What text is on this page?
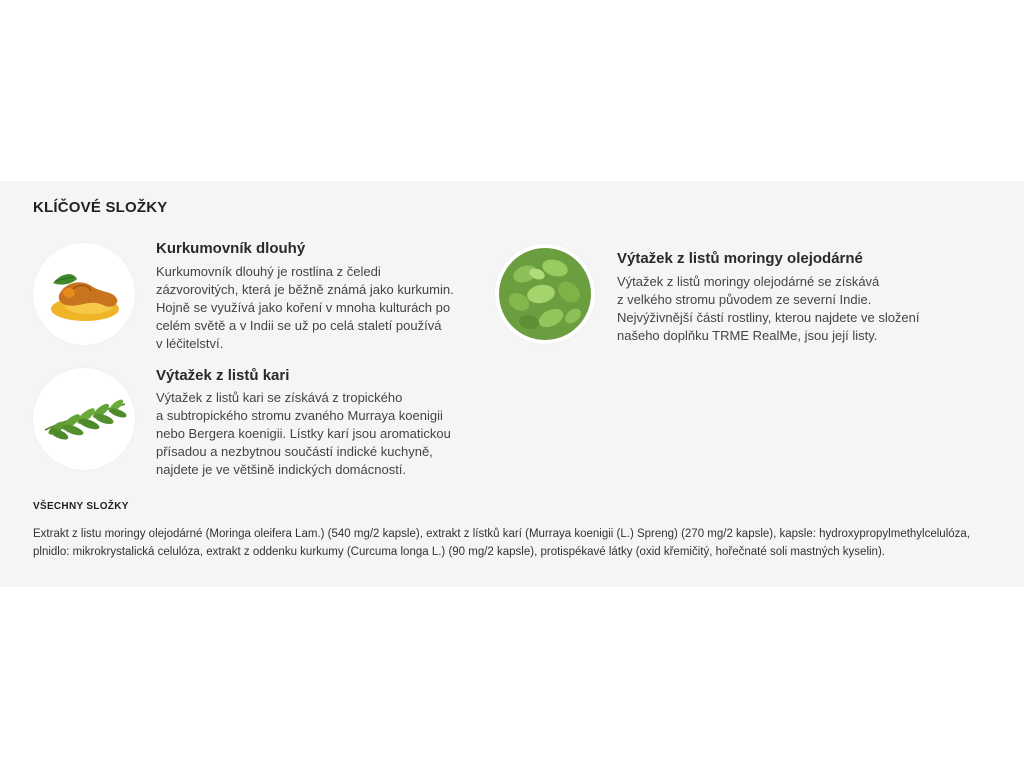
KLÍČOVÉ SLOŽKY
Kurkumovník dlouhý
Kurkumovník dlouhý je rostlina z čeledi
zázvorovitých, která je běžně známá jako kurkumin.
Hojně se využívá jako koření v mnoha kulturách po
celém světě a v Indii se už po celá staletí používá
v léčitelství.
Výtažek z listů kari
Výtažek z listů kari se získává z tropického
a subtropického stromu zvaného Murraya koenigii
nebo Bergera koenigii. Lístky karí jsou aromatickou
přísadou a nezbytnou součástí indické kuchyně,
najdete je ve většině indických domácností.
Výtažek z listů moringy olejodárné
Výtažek z listů moringy olejodárné se získává
z velkého stromu původem ze severní Indie.
Nejvýživnější částí rostliny, kterou najdete ve složení
našeho doplňku TRME RealMe, jsou její listy.
VŠECHNY SLOŽKY

Extrakt z listu moringy olejodárné (Moringa oleifera Lam.) (540 mg/2 kapsle), extrakt z lístků karí (Murraya koenigii (L.) Spreng) (270 mg/2 kapsle), kapsle: hydroxypropylmethylcelulóza, plnidlo: mikrokrystalická celulóza, extrakt z oddenku kurkumy (Curcuma longa L.) (90 mg/2 kapsle), protispékavé látky (oxid křemičitý, hořečnaté soli mastných kyselin).
